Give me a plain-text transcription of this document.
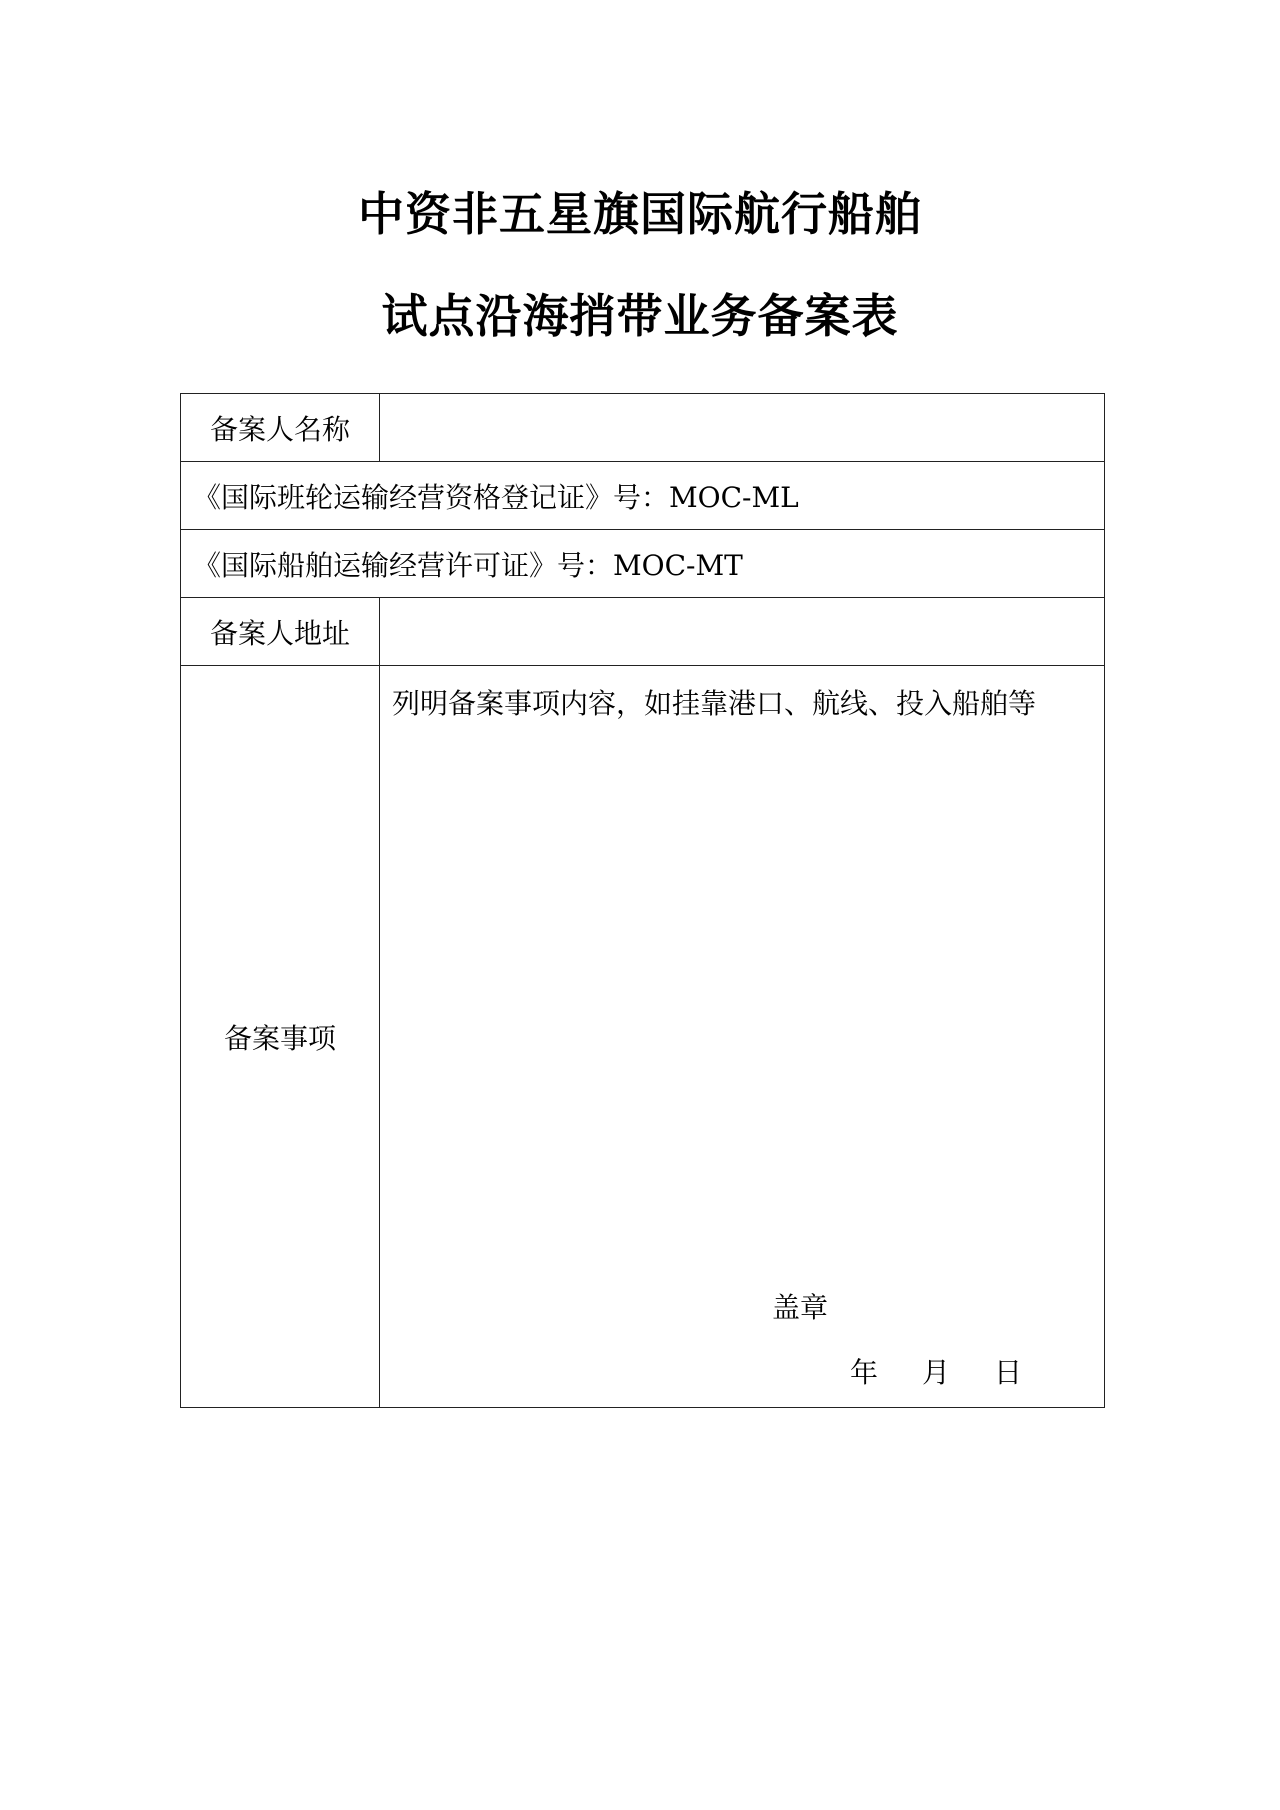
中资非五星旗国际航行船舶
试点沿海捎带业务备案表
备案人名称	
《国际班轮运输经营资格登记证》号：MOC-ML	
《国际船舶运输经营许可证》号：MOC-MT	
备案人地址	
备案事项	列明备案事项内容，如挂靠港口、航线、投入船舶等
盖章
年 月 日
